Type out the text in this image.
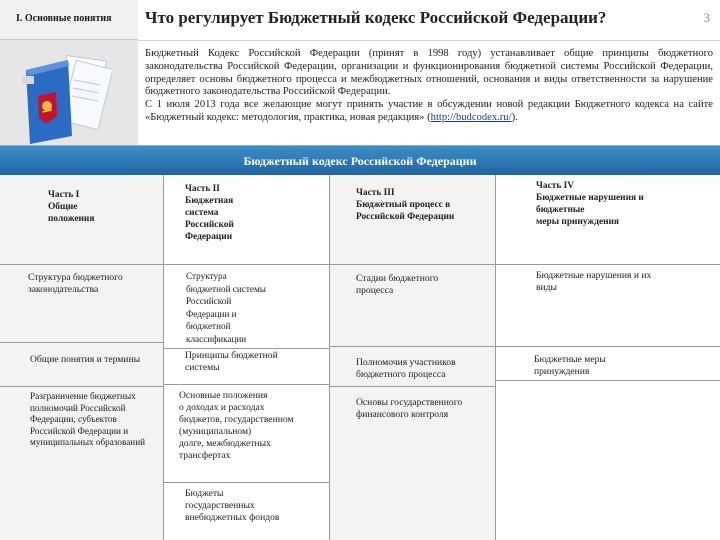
I. Основные понятия	Что регулирует Бюджетный кодекс Российской Федерации?	3

Бюджетный Кодекс Российской Федерации (принят в 1998 году) устанавливает общие принципы бюджетного законодательства Российской Федерации, организации и функционирования бюджетной системы Российской Федерации, определяет основы бюджетного процесса и межбюджетных отношений, основания и виды ответственности за нарушение бюджетного законодательства Российской Федерации.

С 1 июля 2013 года все желающие могут принять участие в обсуждении новой редакции Бюджетного кодекса на сайте «Бюджетный кодекс: методология, практика, новая редакция» (http://budcodex.ru/).

Бюджетный кодекс Российской Федерации
Часть I
Общие
положения
Структура бюджетного законодательства
Общие понятия и термины
Разграничение бюджетных полномочий Российской Федерации, субъектов Российской Федерации и муниципальных образований
Часть II
Бюджетная
система
Российской
Федерации
Структура
бюджетной системы
Российской
Федерации и
бюджетной
классификации
Принципы бюджетной
системы
Основные положения
о доходах и расходах
бюджетов, государственном
(муниципальном)
долге, межбюджетных
трансфертах
Бюджеты
государственных
внебюджетных фондов
Часть III
Бюджетный процесс в
Российской Федерации
Стадии бюджетного
процесса
Полномочия участников
бюджетного процесса
Основы государственного
финансового контроля
Часть IV
Бюджетные нарушения и
бюджетные
меры принуждения
Бюджетные нарушения и их
виды
Бюджетные меры
принуждения
